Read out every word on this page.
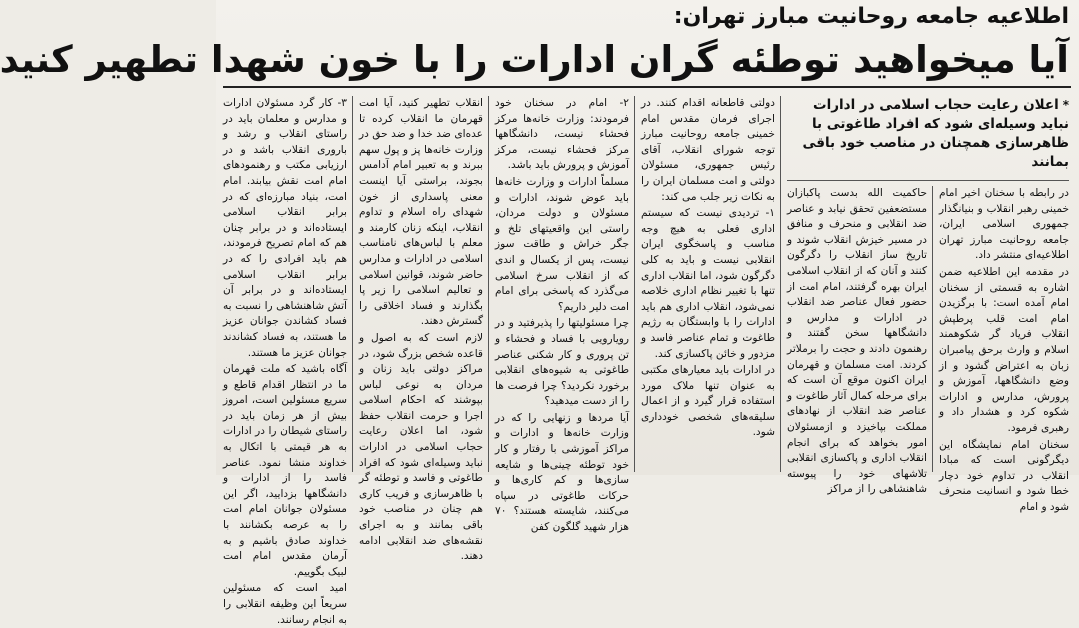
اطلاعیه جامعه روحانیت مبارز تهران:
آیا میخواهید توطئه گران ادارات را با خون شهدا تطهیر کنید
*اعلان رعایت حجاب اسلامی در ادارات نباید وسیله‌ای شود که افراد طاغوتی با ظاهرسازی همچنان در مناصب خود باقی بمانند

در رابطه با سخنان اخیر امام خمینی رهبر انقلاب و بنیانگذار جمهوری اسلامی ایران، جامعه روحانیت مبارز تهران اطلاعیه‌ای منتشر داد.

در مقدمه این اطلاعیه ضمن اشاره به قسمتی از سخنان امام آمده است: با برگزیدن امام امت قلب پرطپش انقلاب فریاد گر شکوهمند اسلام و وارث برحق پیامبران زبان به اعتراض گشود و از وضع دانشگاهها، آموزش و پرورش، مدارس و ادارات شکوه کرد و هشدار داد و رهبری فرمود.

سخنان امام نمایشگاه این دیگرگونی است که مبادا انقلاب در تداوم خود دچار خطا شود و انسانیت منحرف شود و امام

حاکمیت الله بدست پاکبازان مستضعفین تحقق نیابد و عناصر ضد انقلابی و منحرف و منافق در مسیر خیزش انقلاب شوند و تاریخ ساز انقلاب را دگرگون کنند و آنان که از انقلاب اسلامی ایران بهره گرفتند، امام امت از حضور فعال عناصر ضد انقلاب در ادارات و مدارس و دانشگاهها سخن گفتند و رهنمون دادند و حجت را برملاتر کردند. امت مسلمان و قهرمان ایران اکنون موقع آن است که برای مرحله کمال آثار طاغوت و عناصر ضد انقلاب از نهادهای مملکت بپاخیزد و ازمسئولان امور بخواهد که برای انجام انقلاب اداری و پاکسازی انقلابی تلاشهای خود را پیوسته شاهنشاهی را از مراکز

دولتی قاطعانه اقدام کنند. در اجرای فرمان مقدس امام خمینی جامعه روحانیت مبارز توجه شورای انقلاب، آقای رئیس جمهوری، مسئولان دولتی و امت مسلمان ایران را به نکات زیر جلب می کند:

۱- تردیدی نیست که سیستم اداری فعلی به هیچ وجه مناسب و پاسخگوی ایران انقلابی نیست و باید به کلی دگرگون شود، اما انقلاب اداری تنها با تغییر نظام اداری خلاصه نمی‌شود، انقلاب اداری هم باید ادارات را با وابستگان به رژیم طاغوت و تمام عناصر فاسد و مزدور و خائن پاکسازی کند.

در ادارات باید معیارهای مکتبی به عنوان تنها ملاک مورد استفاده قرار گیرد و از اعمال سلیقه‌های شخصی خودداری شود.

۲- امام در سخنان خود فرمودند: وزارت خانه‌ها مرکز فحشاء نیست، دانشگاهها مرکز فحشاء نیست، مرکز آموزش و پرورش باید باشد.

مسلماً ادارات و وزارت خانه‌ها باید عوض شوند، ادارات و مسئولان و دولت مردان، راستی این واقعیتهای تلخ و جگر خراش و طاقت سوز نیست، پس از یکسال و اندی که از انقلاب سرخ اسلامی می‌گذرد که پاسخی برای امام امت دلیر داریم؟

چرا مسئولیتها را پذیرفتید و در رویارویی با فساد و فحشاء و تن پروری و کار شکنی عناصر طاغوتی به شیوه‌های انقلابی برخورد نکردید؟ چرا فرصت ها را از دست میدهید؟

آیا مردها و زنهایی را که در وزارت خانه‌ها و ادارات و مراکز آموزشی با رفتار و کار خود توطئه چینی‌ها و شایعه سازی‌ها و کم کاری‌ها و حرکات طاغوتی در سپاه می‌کنند، شایسته هستند؟ ۷۰ هزار شهید گلگون کفن

انقلاب تطهیر کنید، آیا امت قهرمان ما انقلاب کرده تا عده‌ای ضد خدا و ضد حق در وزارت خانه‌ها پز و پول سهم ببرند و به تعبیر امام آدامس بجوند، براستی آیا اینست معنی پاسداری از خون شهدای راه اسلام و تداوم انقلاب، اینکه زنان کارمند و معلم با لباس‌های نامناسب اسلامی در ادارات و مدارس حاضر شوند، قوانین اسلامی و تعالیم اسلامی را زیر پا بگذارند و فساد اخلاقی را گسترش دهند.

لازم است که به اصول و قاعده شخص بزرگ شود، در مراکز دولتی باید زنان و مردان به نوعی لباس بپوشند که احکام اسلامی اجرا و حرمت انقلاب حفظ شود، اما اعلان رعایت حجاب اسلامی در ادارات نباید وسیله‌ای شود که افراد طاغوتی و فاسد و توطئه گر با ظاهرسازی و فریب کاری هم چنان در مناصب خود باقی بمانند و به اجرای نقشه‌های ضد انقلابی ادامه دهند.

۳- کار گرد مسئولان ادارات و مدارس و معلمان باید در راستای انقلاب و رشد و باروری انقلاب باشد و در ارزیابی مکتب و رهنمودهای امام امت نقش بیابند. امام امت، بنیاد مبارزه‌ای که در برابر انقلاب اسلامی ایستاده‌اند و در برابر چنان هم که امام تصریح فرمودند، هم باید افرادی را که در برابر انقلاب اسلامی ایستاده‌اند و در برابر آن آتش شاهنشاهی را نسبت به فساد کشاندن جوانان عزیز ما هستند، به فساد کشاندند جوانان عزیز ما هستند.

آگاه باشید که ملت قهرمان ما در انتظار اقدام قاطع و سریع مسئولین است، امروز بیش از هر زمان باید در راستای شیطان را در ادارات به هر قیمتی با اتکال به خداوند منشا نمود. عناصر فاسد را از ادارات و دانشگاهها بزدایید، اگر این مسئولان جوانان امام امت را به عرصه بکشانند با خداوند صادق باشیم و به آرمان مقدس امام امت لبیک بگوییم.

امید است که مسئولین سریعاً این وظیفه انقلابی را به انجام رسانند.
